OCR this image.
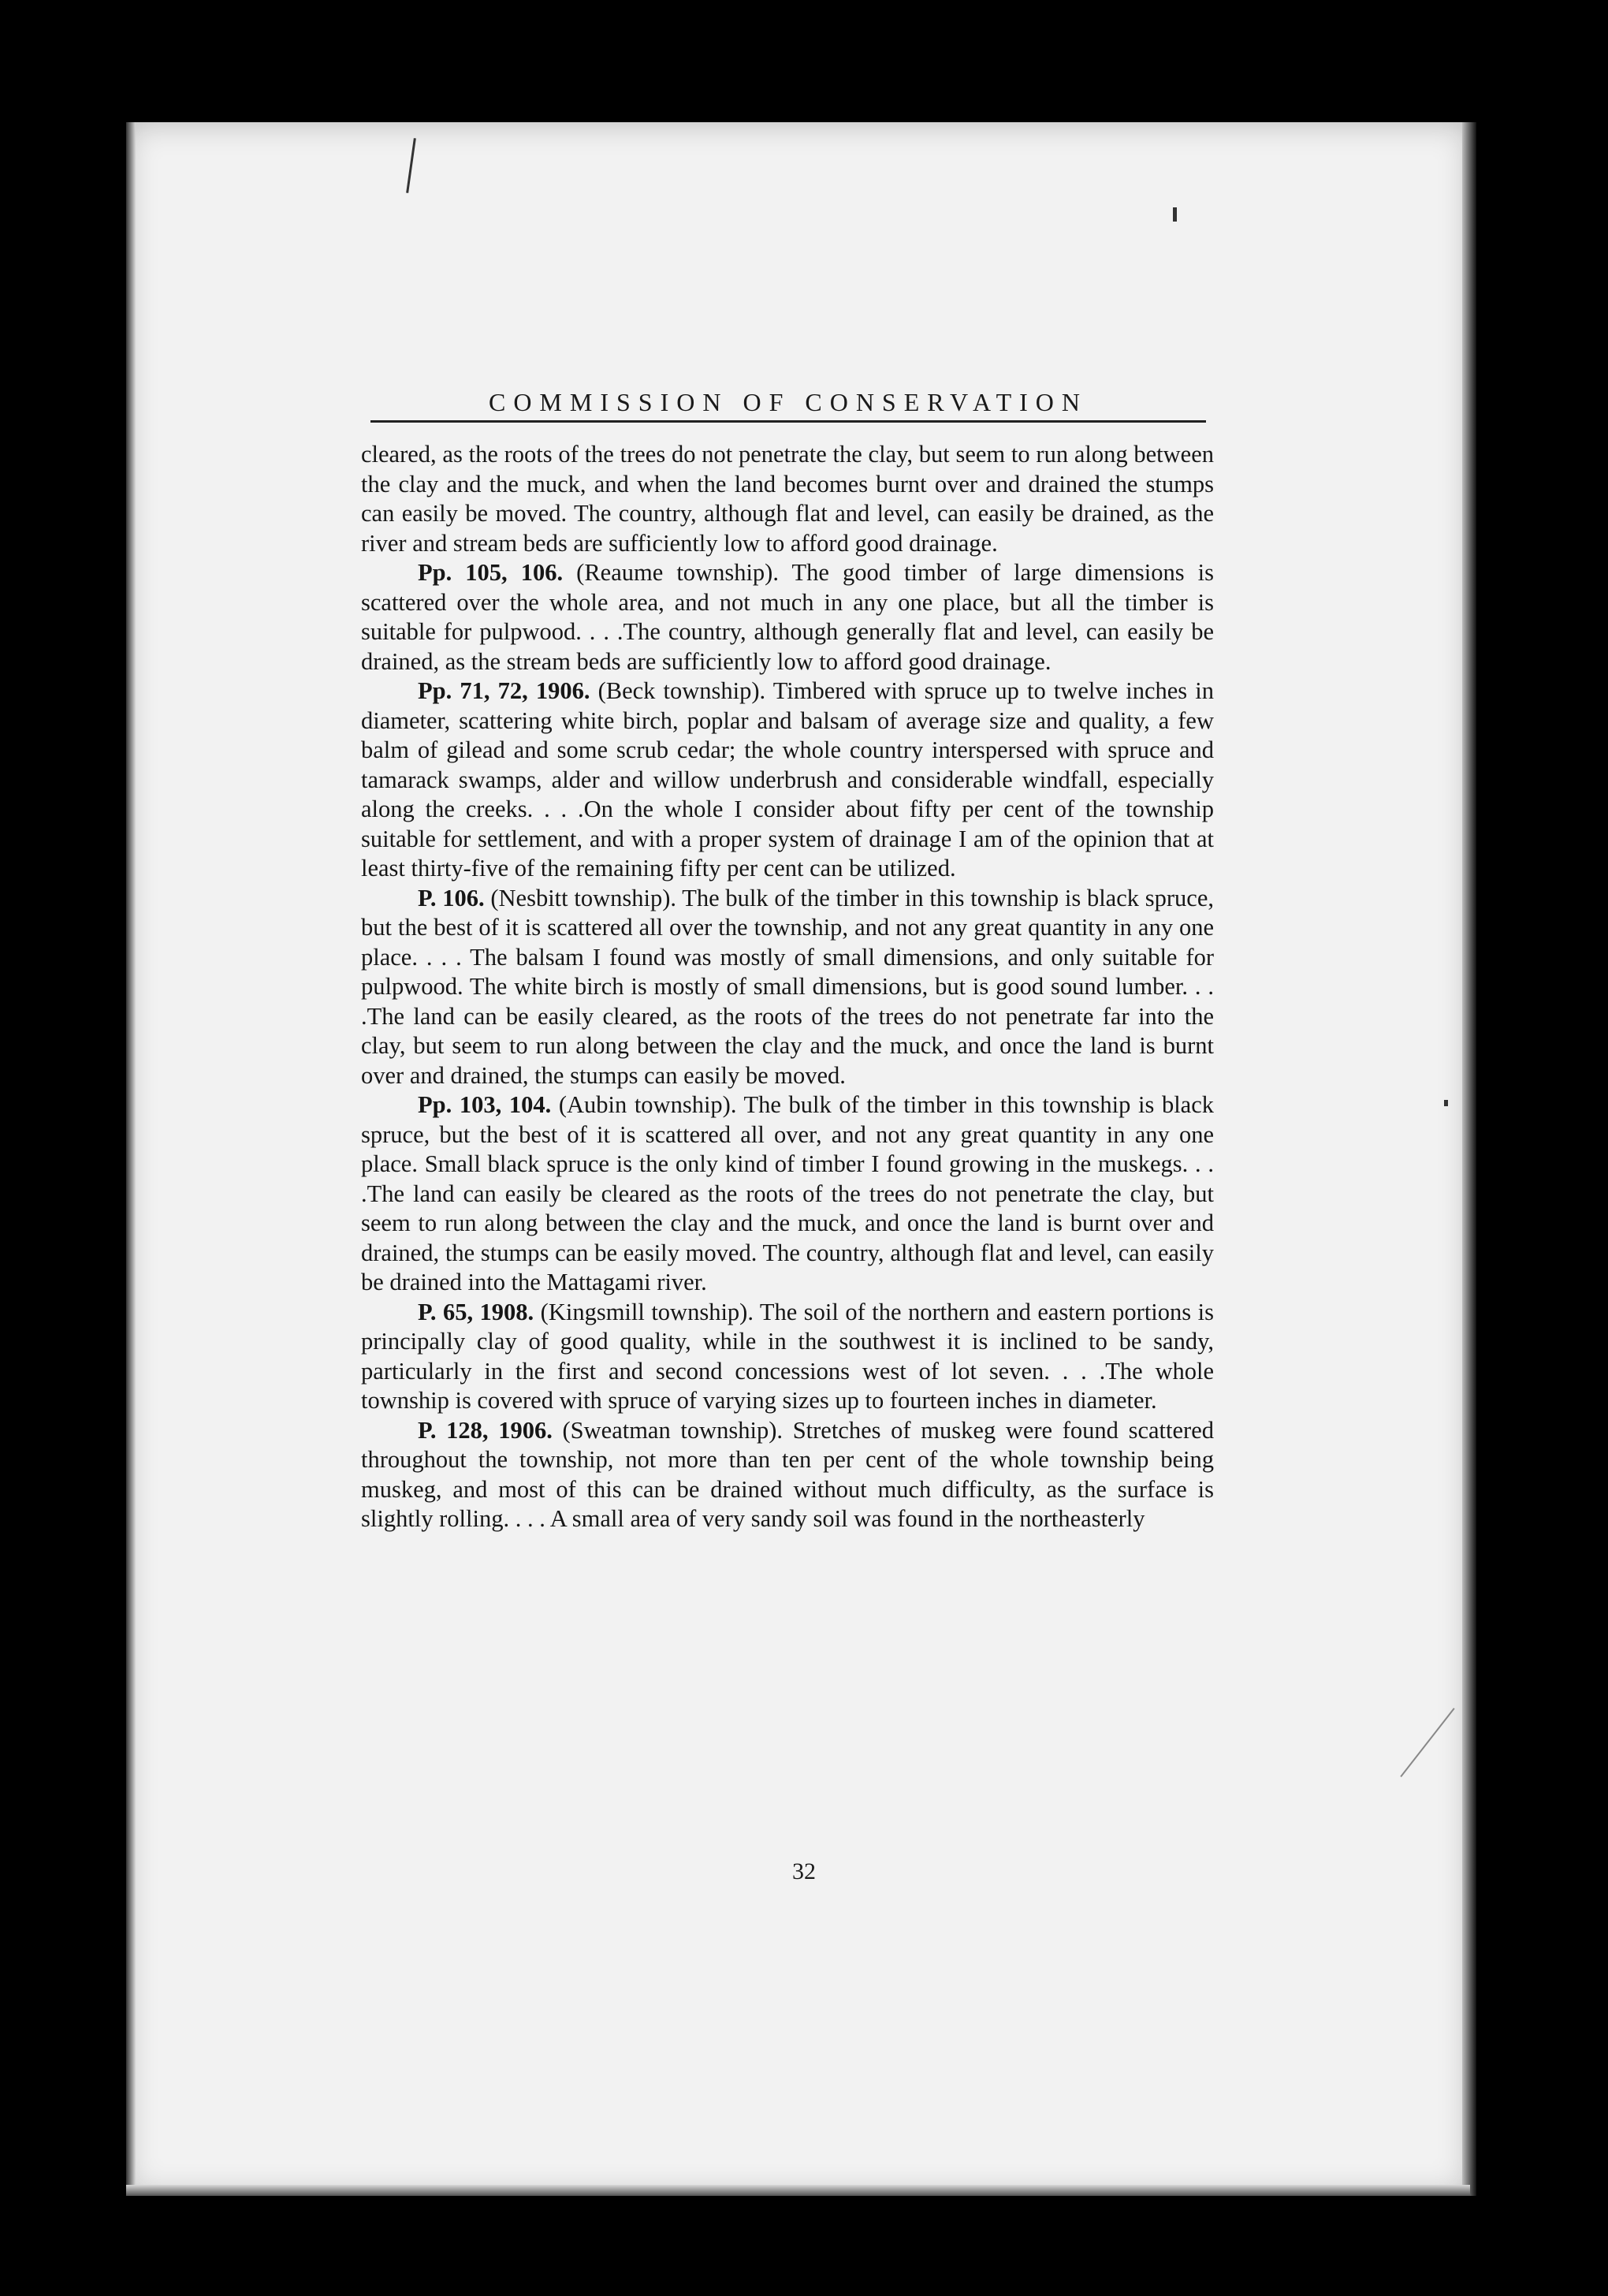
COMMISSION OF CONSERVATION

cleared, as the roots of the trees do not penetrate the clay, but seem to run along between the clay and the muck, and when the land becomes burnt over and drained the stumps can easily be moved. The country, although flat and level, can easily be drained, as the river and stream beds are sufficiently low to afford good drainage.

Pp. 105, 106. (Reaume township). The good timber of large dimensions is scattered over the whole area, and not much in any one place, but all the timber is suitable for pulpwood. . . .The country, although generally flat and level, can easily be drained, as the stream beds are sufficiently low to afford good drainage.

Pp. 71, 72, 1906. (Beck township). Timbered with spruce up to twelve inches in diameter, scattering white birch, poplar and balsam of average size and quality, a few balm of gilead and some scrub cedar; the whole country interspersed with spruce and tamarack swamps, alder and willow underbrush and considerable windfall, especially along the creeks. . . .On the whole I consider about fifty per cent of the township suitable for settlement, and with a proper system of drainage I am of the opinion that at least thirty-five of the remaining fifty per cent can be utilized.

P. 106. (Nesbitt township). The bulk of the timber in this township is black spruce, but the best of it is scattered all over the township, and not any great quantity in any one place. . . . The balsam I found was mostly of small dimensions, and only suitable for pulpwood. The white birch is mostly of small dimensions, but is good sound lumber. . . .The land can be easily cleared, as the roots of the trees do not penetrate far into the clay, but seem to run along between the clay and the muck, and once the land is burnt over and drained, the stumps can easily be moved.

Pp. 103, 104. (Aubin township). The bulk of the timber in this township is black spruce, but the best of it is scattered all over, and not any great quantity in any one place. Small black spruce is the only kind of timber I found growing in the muskegs. . . .The land can easily be cleared as the roots of the trees do not penetrate the clay, but seem to run along between the clay and the muck, and once the land is burnt over and drained, the stumps can be easily moved. The country, although flat and level, can easily be drained into the Mattagami river.

P. 65, 1908. (Kingsmill township). The soil of the northern and eastern portions is principally clay of good quality, while in the southwest it is inclined to be sandy, particularly in the first and second concessions west of lot seven. . . .The whole township is covered with spruce of varying sizes up to fourteen inches in diameter.

P. 128, 1906. (Sweatman township). Stretches of muskeg were found scattered throughout the township, not more than ten per cent of the whole township being muskeg, and most of this can be drained without much difficulty, as the surface is slightly rolling. . . . A small area of very sandy soil was found in the northeasterly

32
